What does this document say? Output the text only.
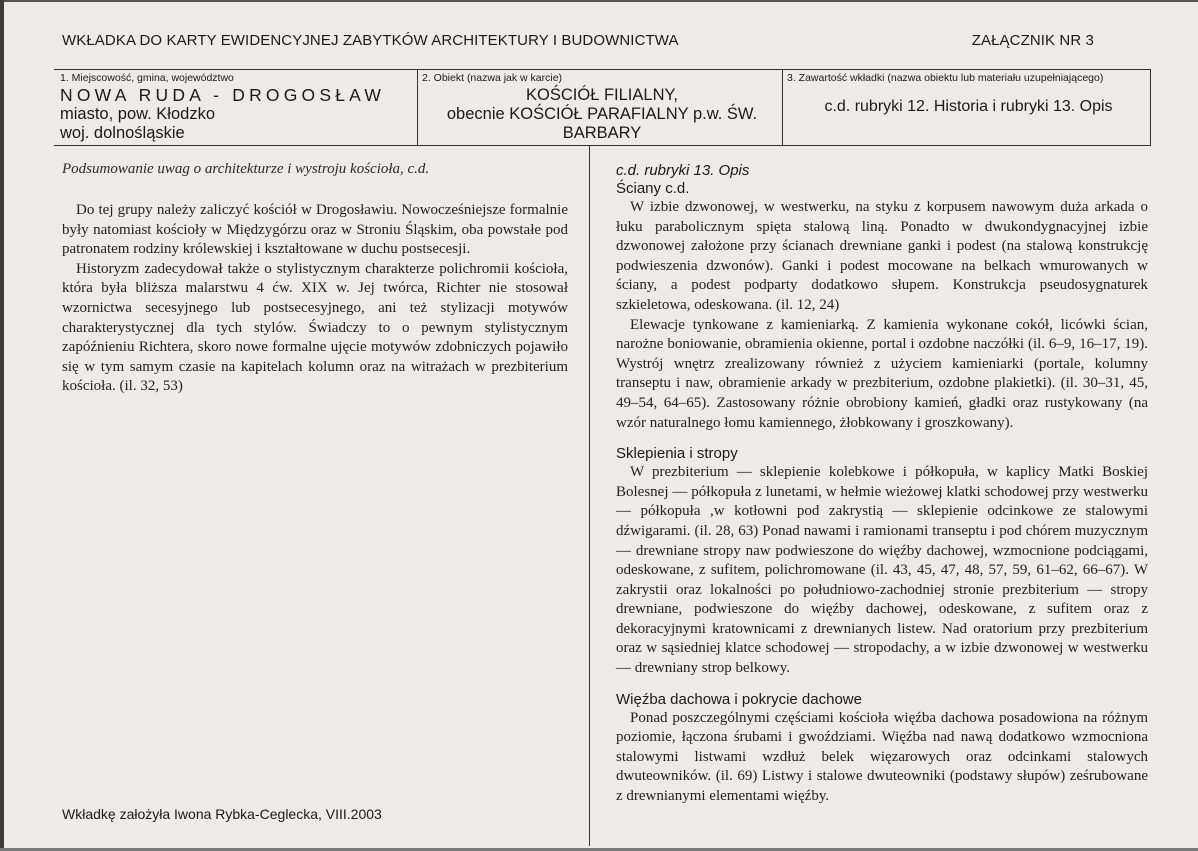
WKŁADKA DO KARTY EWIDENCYJNEJ ZABYTKÓW ARCHITEKTURY I BUDOWNICTWA	ZAŁĄCZNIK NR 3
1. Miejscowość, gmina, województwo
NOWA RUDA - DROGOSŁAW
miasto, pow. Kłodzko
woj. dolnośląskie
2. Obiekt (nazwa jak w karcie)
KOŚCIÓŁ FILIALNY,
obecnie KOŚCIÓŁ PARAFIALNY p.w. ŚW.
BARBARY
3. Zawartość wkładki (nazwa obiektu lub materiału uzupełniającego)
c.d. rubryki 12. Historia i rubryki 13. Opis

Podsumowanie uwag o architekturze i wystroju kościoła, c.d.

Do tej grupy należy zaliczyć kościół w Drogosławiu. Nowocześniejsze formalnie były natomiast kościoły w Międzygórzu oraz w Stroniu Śląskim, oba powstałe pod patronatem rodziny królewskiej i kształtowane w duchu postsecesji.

Historyzm zadecydował także o stylistycznym charakterze polichromii kościoła, która była bliższa malarstwu 4 ćw. XIX w. Jej twórca, Richter nie stosował wzornictwa secesyjnego lub postsecesyjnego, ani też stylizacji motywów charakterystycznej dla tych stylów. Świadczy to o pewnym stylistycznym zapóźnieniu Richtera, skoro nowe formalne ujęcie motywów zdobniczych pojawiło się w tym samym czasie na kapitelach kolumn oraz na witrażach w prezbiterium kościoła. (il. 32, 53)

c.d. rubryki 13. Opis

Ściany c.d.

W izbie dzwonowej, w westwerku, na styku z korpusem nawowym duża arkada o łuku parabolicznym spięta stalową liną. Ponadto w dwukondygnacyjnej izbie dzwonowej założone przy ścianach drewniane ganki i podest (na stalową konstrukcję podwieszenia dzwonów). Ganki i podest mocowane na belkach wmurowanych w ściany, a podest podparty dodatkowo słupem. Konstrukcja pseudosygnaturek szkieletowa, odeskowana. (il. 12, 24)

Elewacje tynkowane z kamieniarką. Z kamienia wykonane cokół, licówki ścian, narożne boniowanie, obramienia okienne, portal i ozdobne naczółki (il. 6–9, 16–17, 19). Wystrój wnętrz zrealizowany również z użyciem kamieniarki (portale, kolumny transeptu i naw, obramienie arkady w prezbiterium, ozdobne plakietki). (il. 30–31, 45, 49–54, 64–65). Zastosowany różnie obrobiony kamień, gładki oraz rustykowany (na wzór naturalnego łomu kamiennego, żłobkowany i groszkowany).

Sklepienia i stropy

W prezbiterium — sklepienie kolebkowe i półkopuła, w kaplicy Matki Boskiej Bolesnej — półkopuła z lunetami, w hełmie wieżowej klatki schodowej przy westwerku — półkopuła ,w kotłowni pod zakrystią — sklepienie odcinkowe ze stalowymi dźwigarami. (il. 28, 63) Ponad nawami i ramionami transeptu i pod chórem muzycznym — drewniane stropy naw podwieszone do więźby dachowej, wzmocnione podciągami, odeskowane, z sufitem, polichromowane (il. 43, 45, 47, 48, 57, 59, 61–62, 66–67). W zakrystii oraz lokalności po południowo-zachodniej stronie prezbiterium — stropy drewniane, podwieszone do więźby dachowej, odeskowane, z sufitem oraz z dekoracyjnymi kratownicami z drewnianych listew. Nad oratorium przy prezbiterium oraz w sąsiedniej klatce schodowej — stropodachy, a w izbie dzwonowej w westwerku — drewniany strop belkowy.

Więźba dachowa i pokrycie dachowe

Ponad poszczególnymi częściami kościoła więźba dachowa posadowiona na różnym poziomie, łączona śrubami i gwoździami. Więźba nad nawą dodatkowo wzmocniona stalowymi listwami wzdłuż belek więzarowych oraz odcinkami stalowych dwuteowników. (il. 69) Listwy i stalowe dwuteowniki (podstawy słupów) ześrubowane z drewnianymi elementami więźby.

Wkładkę założyła Iwona Rybka-Ceglecka, VIII.2003
